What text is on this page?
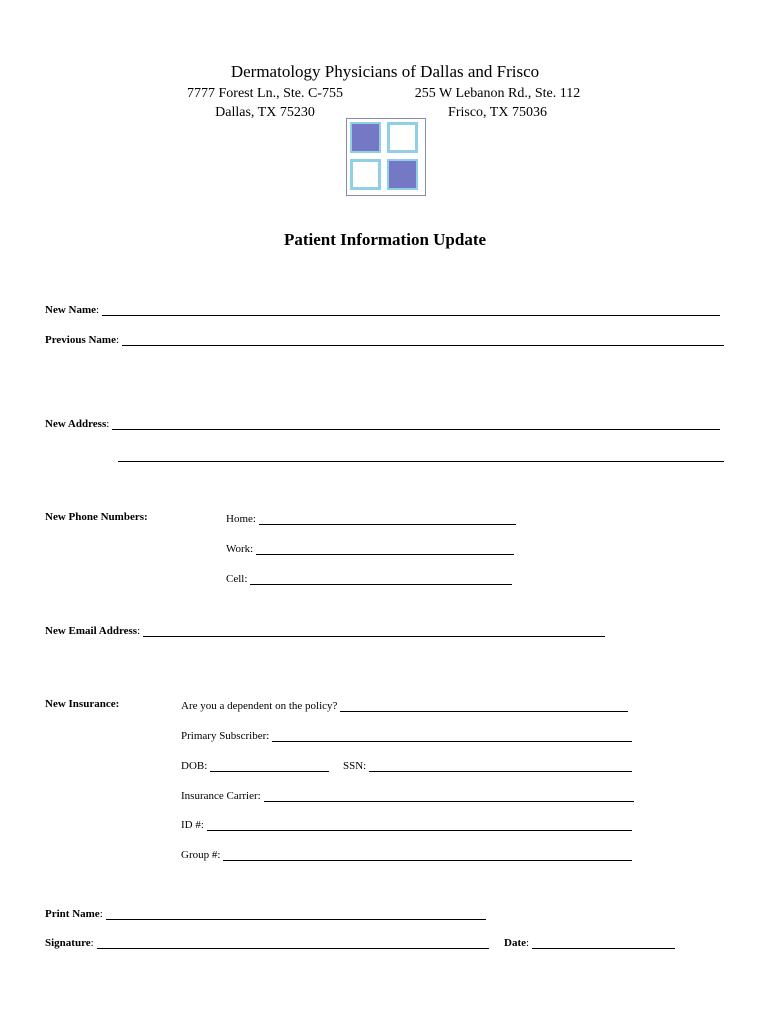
Dermatology Physicians of Dallas and Frisco
7777 Forest Ln., Ste. C-755
Dallas, TX 75230
255 W Lebanon Rd., Ste. 112
Frisco, TX 75036
Patient Information Update
New Name:
Previous Name:
New Address:
New Phone Numbers:	Home:
Work:
Cell:
New Email Address:
New Insurance:	Are you a dependent on the policy?
Primary Subscriber:
DOB:	SSN:
Insurance Carrier:
ID #:
Group #:
Print Name:
Signature:	Date:
